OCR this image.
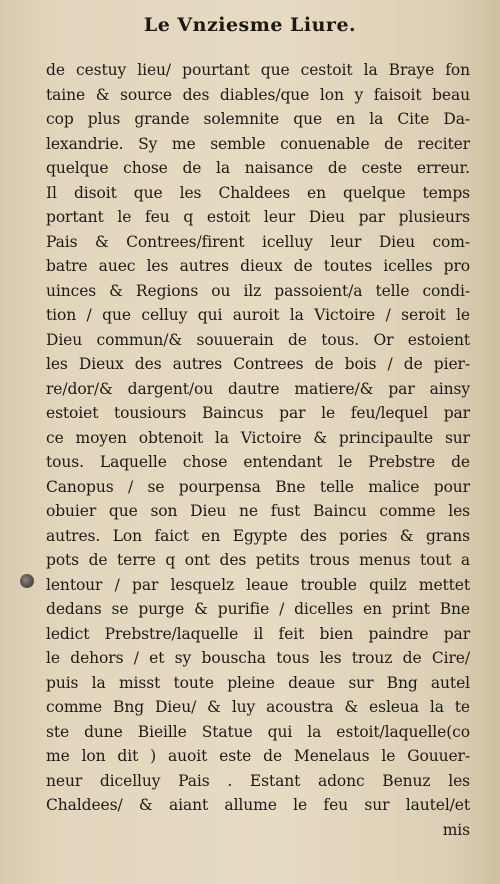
Le Vnziesme Liure.
de cestuy lieu/ pourtant que cestoit la Braye fon
taine & source des diables/que lon y faisoit beau
cop plus grande solemnite que en la Cite Da-
lexandrie. Sy me semble conuenable de reciter
quelque chose de la naisance de ceste erreur.
Il disoit que les Chaldees en quelque temps
portant le feu q estoit leur Dieu par plusieurs
Pais & Contrees/firent icelluy leur Dieu com-
batre auec les autres dieux de toutes icelles pro
uinces & Regions ou ilz passoient/a telle condi-
tion / que celluy qui auroit la Victoire / seroit le
Dieu commun/& souuerain de tous. Or estoient
les Dieux des autres Contrees de bois / de pier-
re/dor/& dargent/ou dautre matiere/& par ainsy
estoiet tousiours Baincus par le feu/lequel par
ce moyen obtenoit la Victoire & principaulte sur
tous. Laquelle chose entendant le Prebstre de
Canopus / se pourpensa Bne telle malice pour
obuier que son Dieu ne fust Baincu comme les
autres. Lon faict en Egypte des pories & grans
pots de terre q ont des petits trous menus tout a
lentour / par lesquelz leaue trouble quilz mettet
dedans se purge & purifie / dicelles en print Bne
ledict Prebstre/laquelle il feit bien paindre par
le dehors / et sy bouscha tous les trouz de Cire/
puis la misst toute pleine deaue sur Bng autel
comme Bng Dieu/ & luy acoustra & esleua la te
ste dune Bieille Statue qui la estoit/laquelle(co
me lon dit ) auoit este de Menelaus le Gouuer-
neur dicelluy Pais . Estant adonc Benuz les
Chaldees/ & aiant allume le feu sur lautel/et
mis
